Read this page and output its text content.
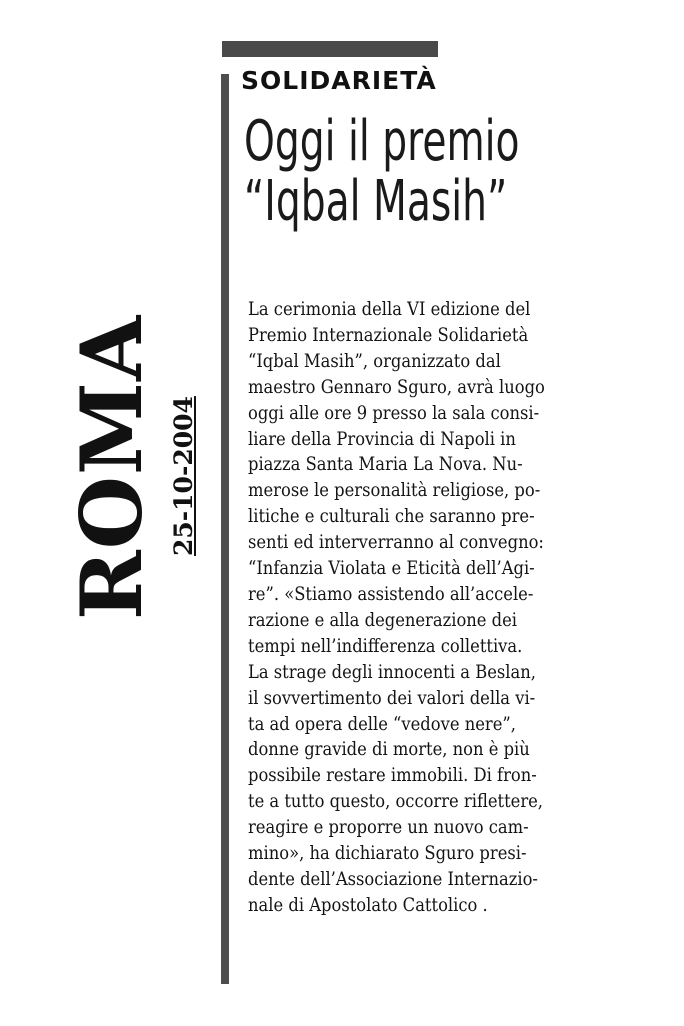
SOLIDARIETÀ
Oggi il premio
“Iqbal Masih”
ROMA 25-10-2004
La cerimonia della VI edizione del
Premio Internazionale Solidarietà
“Iqbal Masih”, organizzato dal
maestro Gennaro Sguro, avrà luogo
oggi alle ore 9 presso la sala consi-
liare della Provincia di Napoli in
piazza Santa Maria La Nova. Nu-
merose le personalità religiose, po-
litiche e culturali che saranno pre-
senti ed interverranno al convegno:
“Infanzia Violata e Eticità dell’Agi-
re”. «Stiamo assistendo all’accele-
razione e alla degenerazione dei
tempi nell’indifferenza collettiva.
La strage degli innocenti a Beslan,
il sovvertimento dei valori della vi-
ta ad opera delle “vedove nere”,
donne gravide di morte, non è più
possibile restare immobili. Di fron-
te a tutto questo, occorre riflettere,
reagire e proporre un nuovo cam-
mino», ha dichiarato Sguro presi-
dente dell’Associazione Internazio-
nale di Apostolato Cattolico .
